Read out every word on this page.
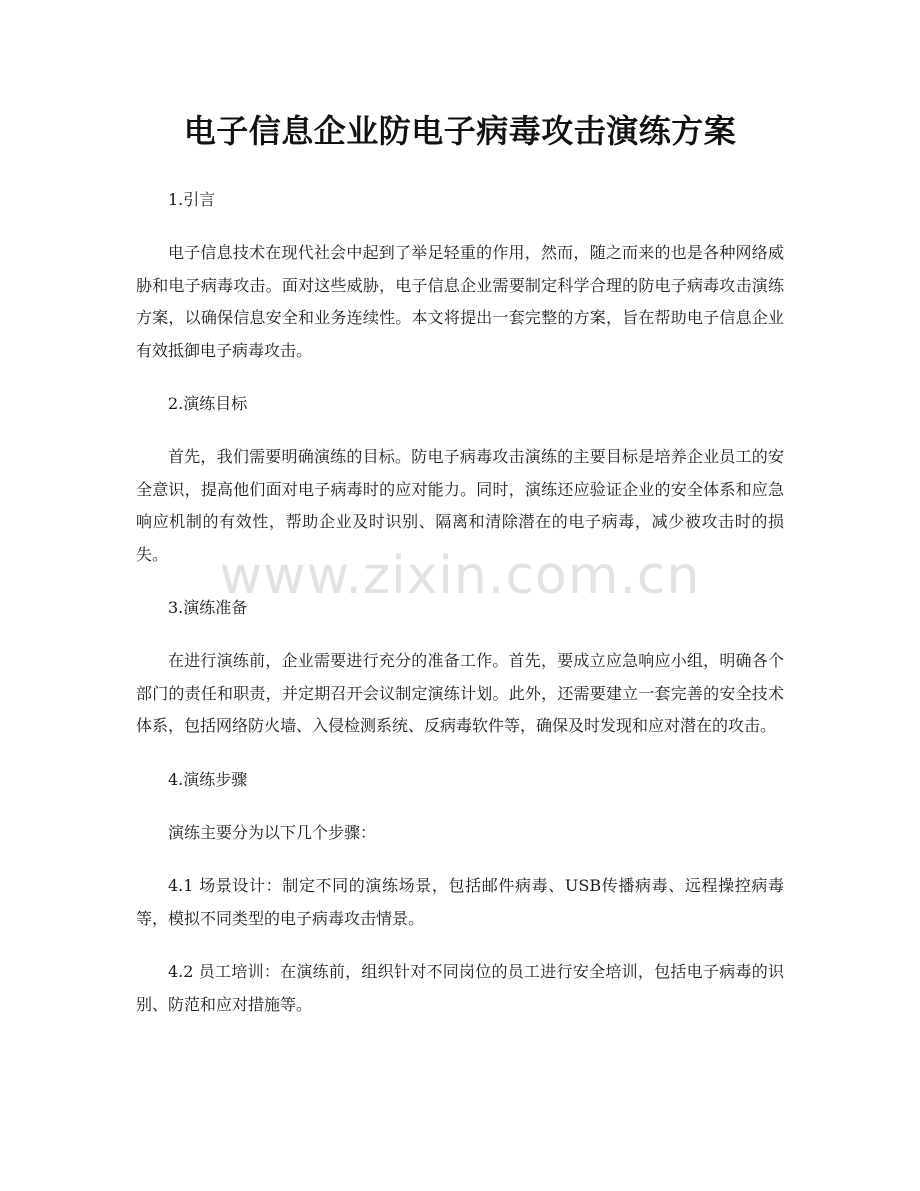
电子信息企业防电子病毒攻击演练方案

1.引言

电子信息技术在现代社会中起到了举足轻重的作用，然而，随之而来的也是各种网络威胁和电子病毒攻击。面对这些威胁，电子信息企业需要制定科学合理的防电子病毒攻击演练方案，以确保信息安全和业务连续性。本文将提出一套完整的方案，旨在帮助电子信息企业有效抵御电子病毒攻击。

2.演练目标

首先，我们需要明确演练的目标。防电子病毒攻击演练的主要目标是培养企业员工的安全意识，提高他们面对电子病毒时的应对能力。同时，演练还应验证企业的安全体系和应急响应机制的有效性，帮助企业及时识别、隔离和清除潜在的电子病毒，减少被攻击时的损失。

3.演练准备

在进行演练前，企业需要进行充分的准备工作。首先，要成立应急响应小组，明确各个部门的责任和职责，并定期召开会议制定演练计划。此外，还需要建立一套完善的安全技术体系，包括网络防火墙、入侵检测系统、反病毒软件等，确保及时发现和应对潜在的攻击。

4.演练步骤

演练主要分为以下几个步骤：

4.1 场景设计：制定不同的演练场景，包括邮件病毒、USB传播病毒、远程操控病毒等，模拟不同类型的电子病毒攻击情景。

4.2 员工培训：在演练前，组织针对不同岗位的员工进行安全培训，包括电子病毒的识别、防范和应对措施等。

www.zixin.com.cn
